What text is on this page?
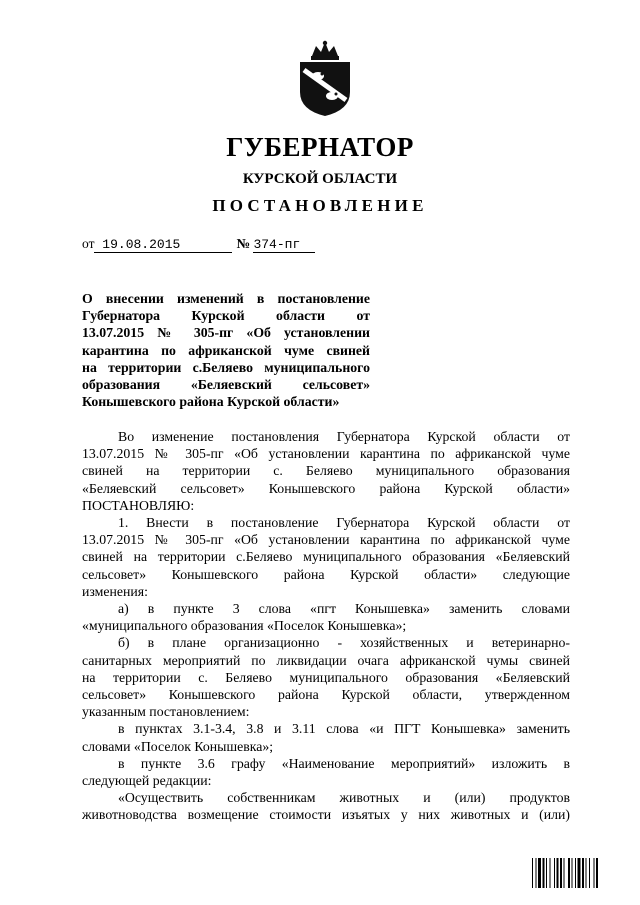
ГУБЕРНАТОР
КУРСКОЙ ОБЛАСТИ
ПОСТАНОВЛЕНИЕ
от 19.08.2015	№ 374-пг
О внесении изменений в постановление
Губернатора Курской области от
13.07.2015 № 305-пг «Об установлении
карантина по африканской чуме свиней
на территории с.Беляево муниципального
образования «Беляевский сельсовет»
Конышевского района Курской области»
Во изменение постановления Губернатора Курской области от
13.07.2015 № 305-пг «Об установлении карантина по африканской чуме
свиней на территории с. Беляево муниципального образования
«Беляевский сельсовет» Конышевского района Курской области»
ПОСТАНОВЛЯЮ:
1. Внести в постановление Губернатора Курской области от
13.07.2015 № 305-пг «Об установлении карантина по африканской чуме
свиней на территории с.Беляево муниципального образования «Беляевский
сельсовет» Конышевского района Курской области» следующие
изменения:
а) в пункте 3 слова «пгт Конышевка» заменить словами
«муниципального образования «Поселок Конышевка»;
б) в плане организационно - хозяйственных и ветеринарно-
санитарных мероприятий по ликвидации очага африканской чумы свиней
на территории с. Беляево муниципального образования «Беляевский
сельсовет» Конышевского района Курской области, утвержденном
указанным постановлением:
в пунктах 3.1-3.4, 3.8 и 3.11 слова «и ПГТ Конышевка» заменить
словами «Поселок Конышевка»;
в пункте 3.6 графу «Наименование мероприятий» изложить в
следующей редакции:
«Осуществить собственникам животных и (или) продуктов
животноводства возмещение стоимости изъятых у них животных и (или)
